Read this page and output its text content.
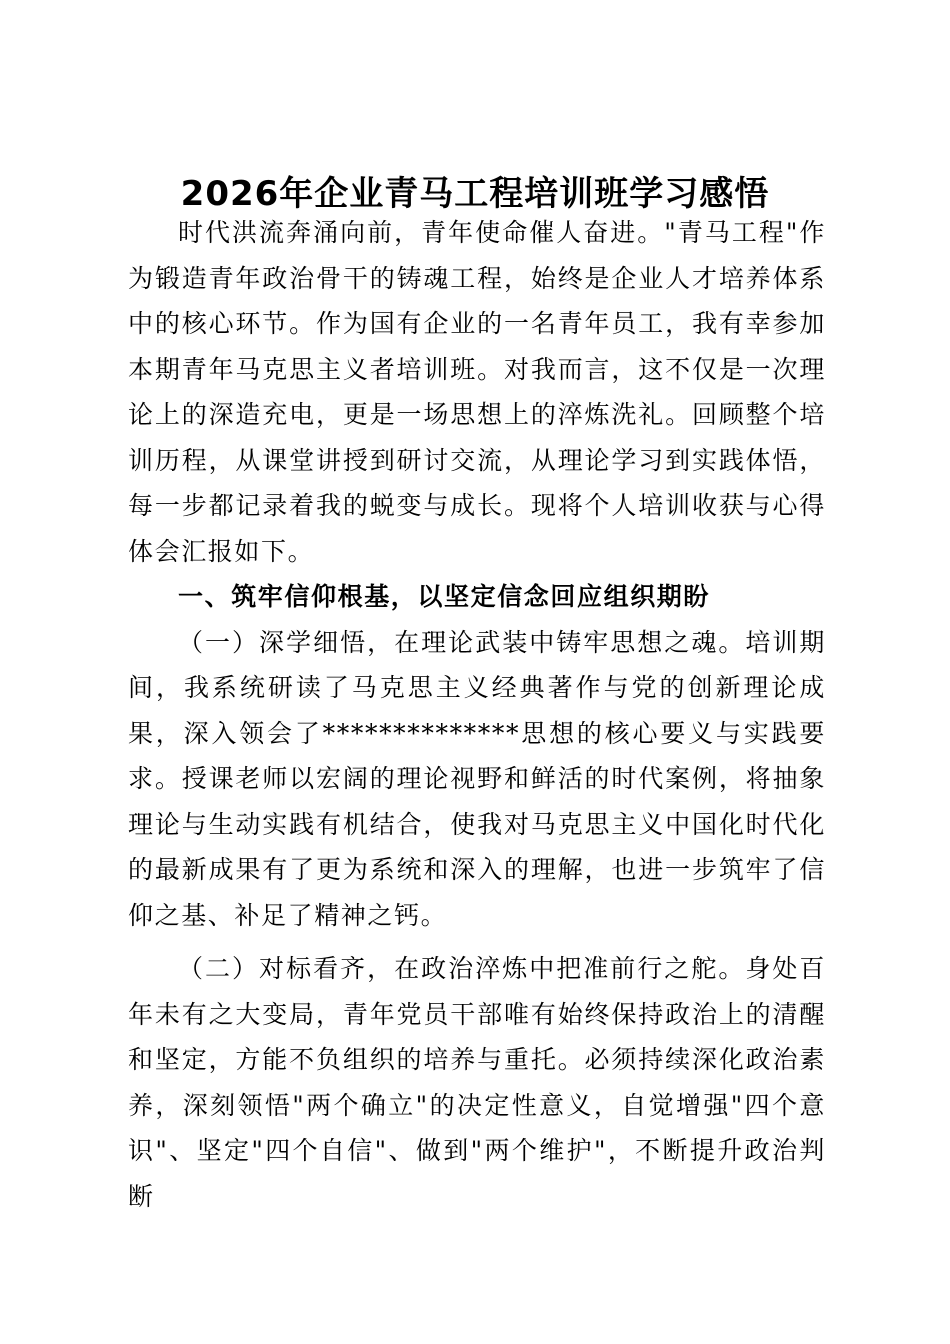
2026年企业青马工程培训班学习感悟

时代洪流奔涌向前，青年使命催人奋进。"青马工程"作为锻造青年政治骨干的铸魂工程，始终是企业人才培养体系中的核心环节。作为国有企业的一名青年员工，我有幸参加本期青年马克思主义者培训班。对我而言，这不仅是一次理论上的深造充电，更是一场思想上的淬炼洗礼。回顾整个培训历程，从课堂讲授到研讨交流，从理论学习到实践体悟，每一步都记录着我的蜕变与成长。现将个人培训收获与心得体会汇报如下。

一、筑牢信仰根基，以坚定信念回应组织期盼

（一）深学细悟，在理论武装中铸牢思想之魂。培训期间，我系统研读了马克思主义经典著作与党的创新理论成果，深入领会了**************思想的核心要义与实践要求。授课老师以宏阔的理论视野和鲜活的时代案例，将抽象理论与生动实践有机结合，使我对马克思主义中国化时代化的最新成果有了更为系统和深入的理解，也进一步筑牢了信仰之基、补足了精神之钙。

（二）对标看齐，在政治淬炼中把准前行之舵。身处百年未有之大变局，青年党员干部唯有始终保持政治上的清醒和坚定，方能不负组织的培养与重托。必须持续深化政治素养，深刻领悟"两个确立"的决定性意义，自觉增强"四个意识"、坚定"四个自信"、做到"两个维护"，不断提升政治判断
